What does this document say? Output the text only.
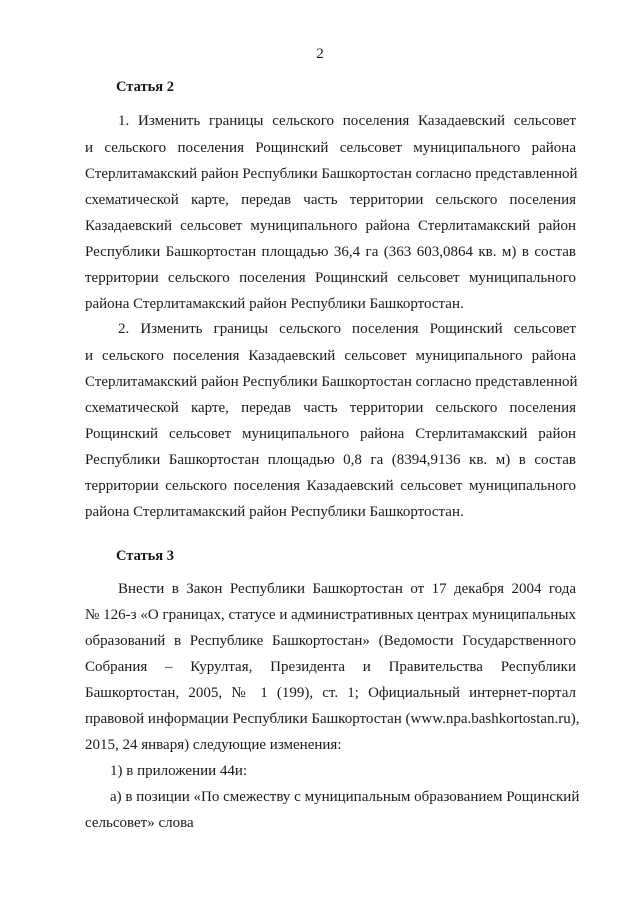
2
Статья 2
1. Изменить границы сельского поселения Казадаевский сельсовет
и сельского поселения Рощинский сельсовет муниципального района
Стерлитамакский район Республики Башкортостан согласно представленной
схематической карте, передав часть территории сельского поселения
Казадаевский сельсовет муниципального района Стерлитамакский район
Республики Башкортостан площадью 36,4 га (363 603,0864 кв. м) в состав
территории сельского поселения Рощинский сельсовет муниципального
района Стерлитамакский район Республики Башкортостан.
2. Изменить границы сельского поселения Рощинский сельсовет
и сельского поселения Казадаевский сельсовет муниципального района
Стерлитамакский район Республики Башкортостан согласно представленной
схематической карте, передав часть территории сельского поселения
Рощинский сельсовет муниципального района Стерлитамакский район
Республики Башкортостан площадью 0,8 га (8394,9136 кв. м) в состав
территории сельского поселения Казадаевский сельсовет муниципального
района Стерлитамакский район Республики Башкортостан.
Статья 3
Внести в Закон Республики Башкортостан от 17 декабря 2004 года
№ 126-з «О границах, статусе и административных центрах муниципальных
образований в Республике Башкортостан» (Ведомости Государственного
Собрания – Курултая, Президента и Правительства Республики
Башкортостан, 2005, № 1 (199), ст. 1; Официальный интернет-портал
правовой информации Республики Башкортостан (www.npa.bashkortostan.ru),
2015, 24 января) следующие изменения:
1) в приложении 44и:
а) в позиции «По смежеству с муниципальным образованием Рощинский
сельсовет» слова
